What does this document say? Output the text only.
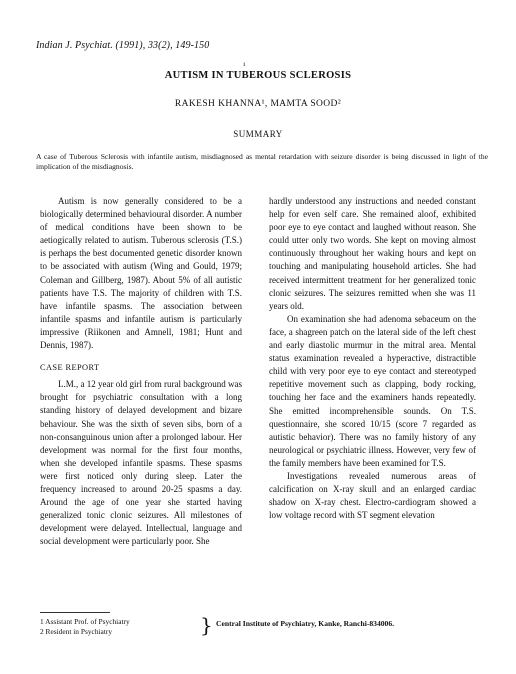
Indian J. Psychiat. (1991), 33(2), 149-150
¹
AUTISM IN TUBEROUS SCLEROSIS
RAKESH KHANNA¹, MAMTA SOOD²
SUMMARY
A case of Tuberous Sclerosis with infantile autism, misdiagnosed as mental retardation with seizure disorder is being discussed in light of the implication of the misdiagnosis.

Autism is now generally considered to be a biologically determined behavioural disorder. A number of medical conditions have been shown to be aetiogically related to autism. Tuberous sclerosis (T.S.) is perhaps the best documented genetic disorder known to be associated with autism (Wing and Gould, 1979; Coleman and Gillberg, 1987). About 5% of all autistic patients have T.S. The majority of children with T.S. have infantile spasms. The association between infantile spasms and infantile autism is particularly impressive (Riikonen and Amnell, 1981; Hunt and Dennis, 1987).

CASE REPORT

L.M., a 12 year old girl from rural background was brought for psychiatric consultation with a long standing history of delayed development and bizare behaviour. She was the sixth of seven sibs, born of a non-consanguinous union after a prolonged labour. Her development was normal for the first four months, when she developed infantile spasms. These spasms were first noticed only during sleep. Later the frequency increased to around 20-25 spasms a day. Around the age of one year she started having generalized tonic clonic seizures. All milestones of development were delayed. Intellectual, language and social development were particularly poor. She

hardly understood any instructions and needed constant help for even self care. She remained aloof, exhibited poor eye to eye contact and laughed without reason. She could utter only two words. She kept on moving almost continuously throughout her waking hours and kept on touching and manipulating household articles. She had received intermittent treatment for her generalized tonic clonic seizures. The seizures remitted when she was 11 years old.

On examination she had adenoma sebaceum on the face, a shagreen patch on the lateral side of the left chest and early diastolic murmur in the mitral area. Mental status examination revealed a hyperactive, distractible child with very poor eye to eye contact and stereotyped repetitive movement such as clapping, body rocking, touching her face and the examiners hands repeatedly. She emitted incomprehensible sounds. On T.S. questionnaire, she scored 10/15 (score 7 regarded as autistic behavior). There was no family history of any neurological or psychiatric illness. However, very few of the family members have been examined for T.S.

Investigations revealed numerous areas of calcification on X-ray skull and an enlarged cardiac shadow on X-ray chest. Electro-cardiogram showed a low voltage record with ST segment elevation

1 Assistant Prof. of Psychiatry
2 Resident in Psychiatry	} Central Institute of Psychiatry, Kanke, Ranchi-834006.
